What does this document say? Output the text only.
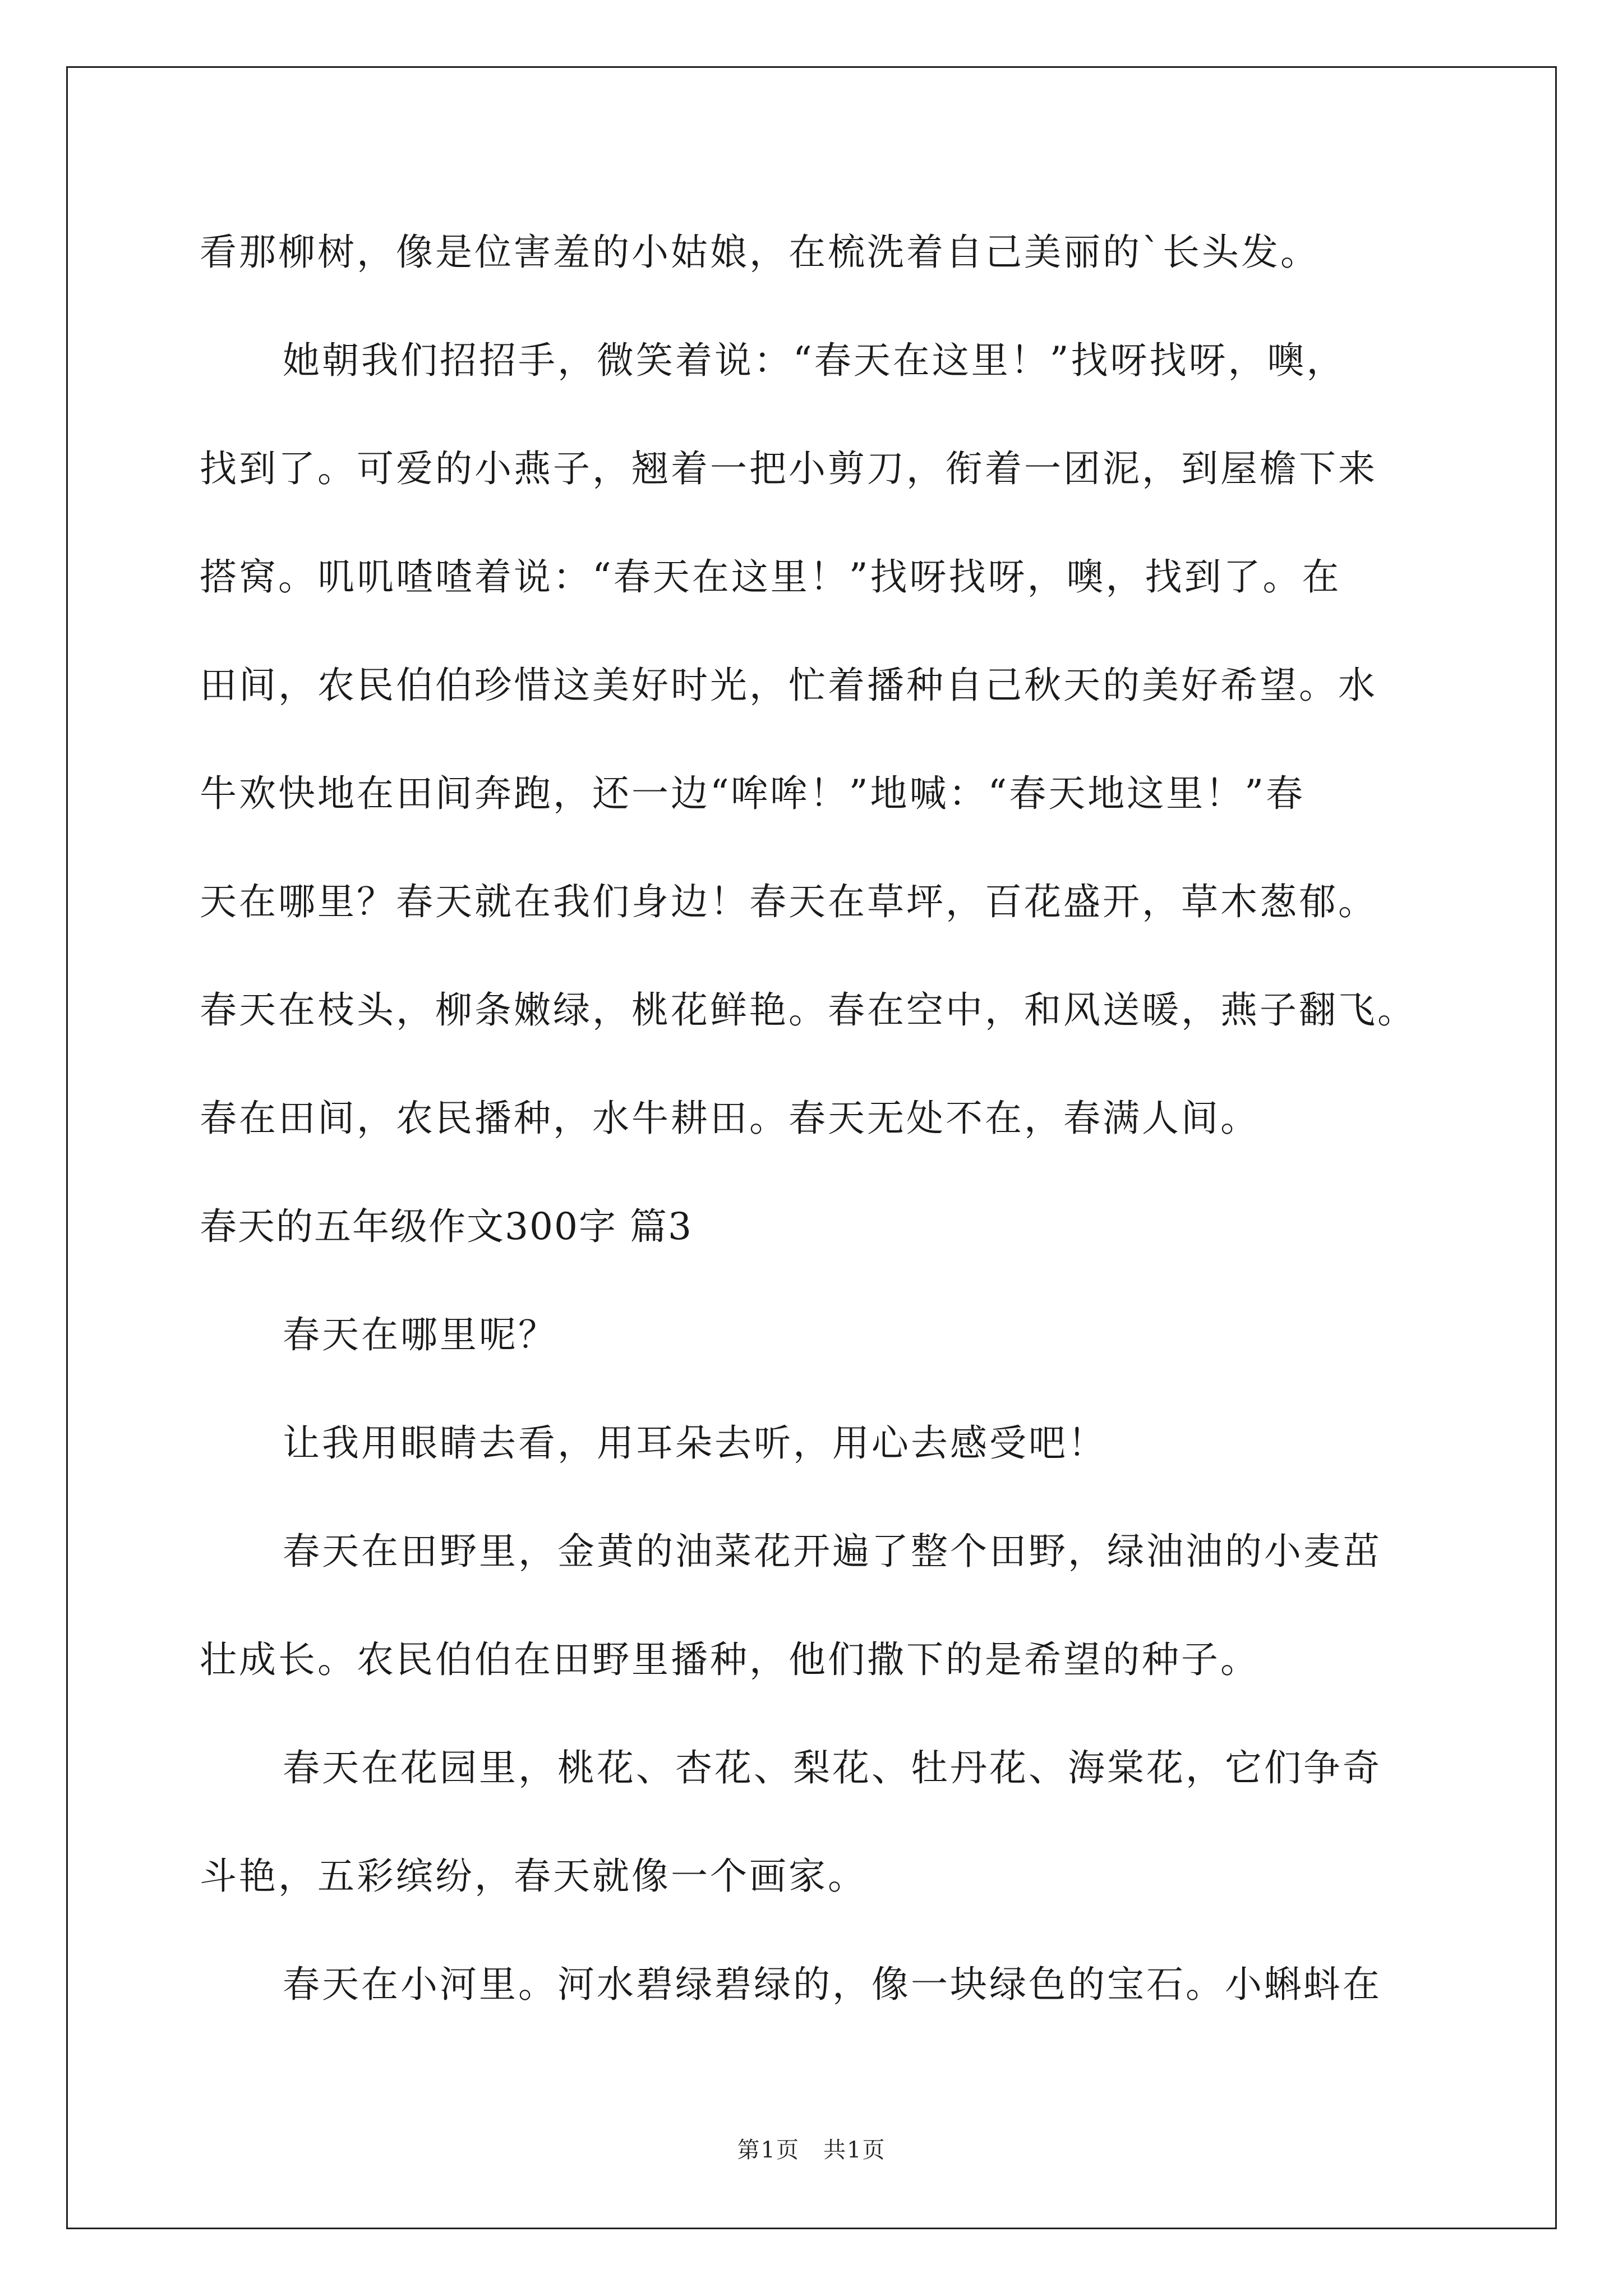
看那柳树，像是位害羞的小姑娘，在梳洗着自己美丽的`长头发。
她朝我们招招手，微笑着说：“春天在这里！”找呀找呀，噢，
找到了。可爱的小燕子，翘着一把小剪刀，衔着一团泥，到屋檐下来
搭窝。叽叽喳喳着说：“春天在这里！”找呀找呀，噢，找到了。在
田间，农民伯伯珍惜这美好时光，忙着播种自己秋天的美好希望。水
牛欢快地在田间奔跑，还一边“哞哞！”地喊：“春天地这里！”春
天在哪里？春天就在我们身边！春天在草坪，百花盛开，草木葱郁。
春天在枝头，柳条嫩绿，桃花鲜艳。春在空中，和风送暖，燕子翻飞。
春在田间，农民播种，水牛耕田。春天无处不在，春满人间。
春天的五年级作文300字 篇3
春天在哪里呢？
让我用眼睛去看，用耳朵去听，用心去感受吧！
春天在田野里，金黄的油菜花开遍了整个田野，绿油油的小麦茁
壮成长。农民伯伯在田野里播种，他们撒下的是希望的种子。
春天在花园里，桃花、杏花、梨花、牡丹花、海棠花，它们争奇
斗艳，五彩缤纷，春天就像一个画家。
春天在小河里。河水碧绿碧绿的，像一块绿色的宝石。小蝌蚪在
第1页　共1页
